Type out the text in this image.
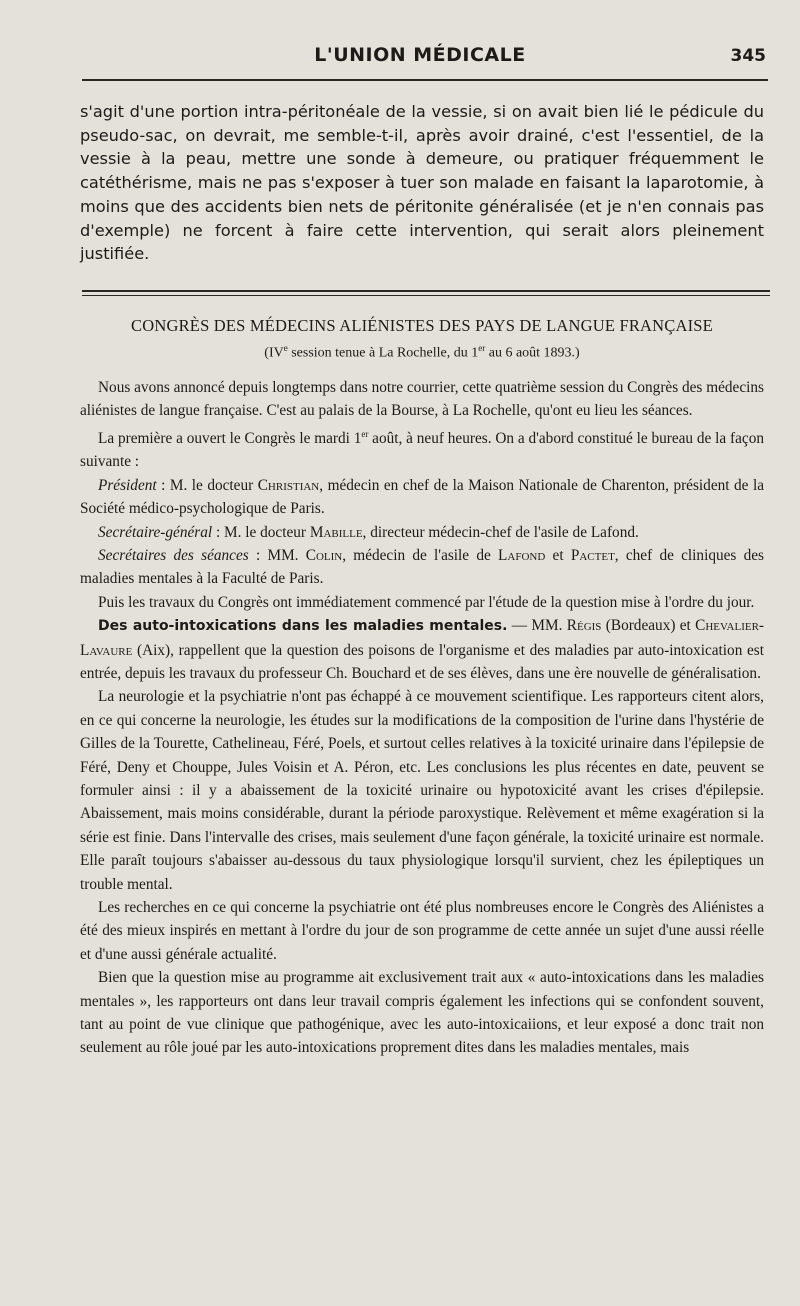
L'UNION MÉDICALE	345

s'agit d'une portion intra-péritonéale de la vessie, si on avait bien lié le pédicule du pseudo-sac, on devrait, me semble-t-il, après avoir drainé, c'est l'essentiel, de la vessie à la peau, mettre une sonde à demeure, ou pratiquer fréquemment le catéthérisme, mais ne pas s'exposer à tuer son malade en faisant la laparotomie, à moins que des accidents bien nets de péritonite généralisée (et je n'en connais pas d'exemple) ne forcent à faire cette intervention, qui serait alors pleinement justifiée.

CONGRÈS DES MÉDECINS ALIÉNISTES DES PAYS DE LANGUE FRANÇAISE
(IVe session tenue à La Rochelle, du 1er au 6 août 1893.)

Nous avons annoncé depuis longtemps dans notre courrier, cette quatrième session du Congrès des médecins aliénistes de langue française. C'est au palais de la Bourse, à La Rochelle, qu'ont eu lieu les séances.

La première a ouvert le Congrès le mardi 1er août, à neuf heures. On a d'abord constitué le bureau de la façon suivante :

Président : M. le docteur Christian, médecin en chef de la Maison Nationale de Charenton, président de la Société médico-psychologique de Paris.

Secrétaire-général : M. le docteur Mabille, directeur médecin-chef de l'asile de Lafond.

Secrétaires des séances : MM. Colin, médecin de l'asile de Lafond et Pactet, chef de cliniques des maladies mentales à la Faculté de Paris.

Puis les travaux du Congrès ont immédiatement commencé par l'étude de la question mise à l'ordre du jour.

Des auto-intoxications dans les maladies mentales. — MM. Régis (Bordeaux) et Chevalier-Lavaure (Aix), rappellent que la question des poisons de l'organisme et des maladies par auto-intoxication est entrée, depuis les travaux du professeur Ch. Bouchard et de ses élèves, dans une ère nouvelle de généralisation.

La neurologie et la psychiatrie n'ont pas échappé à ce mouvement scientifique. Les rapporteurs citent alors, en ce qui concerne la neurologie, les études sur la modifications de la composition de l'urine dans l'hystérie de Gilles de la Tourette, Cathelineau, Féré, Poels, et surtout celles relatives à la toxicité urinaire dans l'épilepsie de Féré, Deny et Chouppe, Jules Voisin et A. Péron, etc. Les conclusions les plus récentes en date, peuvent se formuler ainsi : il y a abaissement de la toxicité urinaire ou hypotoxicité avant les crises d'épilepsie. Abaissement, mais moins considérable, durant la période paroxystique. Relèvement et même exagération si la série est finie. Dans l'intervalle des crises, mais seulement d'une façon générale, la toxicité urinaire est normale. Elle paraît toujours s'abaisser au-dessous du taux physiologique lorsqu'il survient, chez les épileptiques un trouble mental.

Les recherches en ce qui concerne la psychiatrie ont été plus nombreuses encore le Congrès des Aliénistes a été des mieux inspirés en mettant à l'ordre du jour de son programme de cette année un sujet d'une aussi réelle et d'une aussi générale actualité.

Bien que la question mise au programme ait exclusivement trait aux « auto-intoxications dans les maladies mentales », les rapporteurs ont dans leur travail compris également les infections qui se confondent souvent, tant au point de vue clinique que pathogénique, avec les auto-intoxicaiions, et leur exposé a donc trait non seulement au rôle joué par les auto-intoxications proprement dites dans les maladies mentales, mais
